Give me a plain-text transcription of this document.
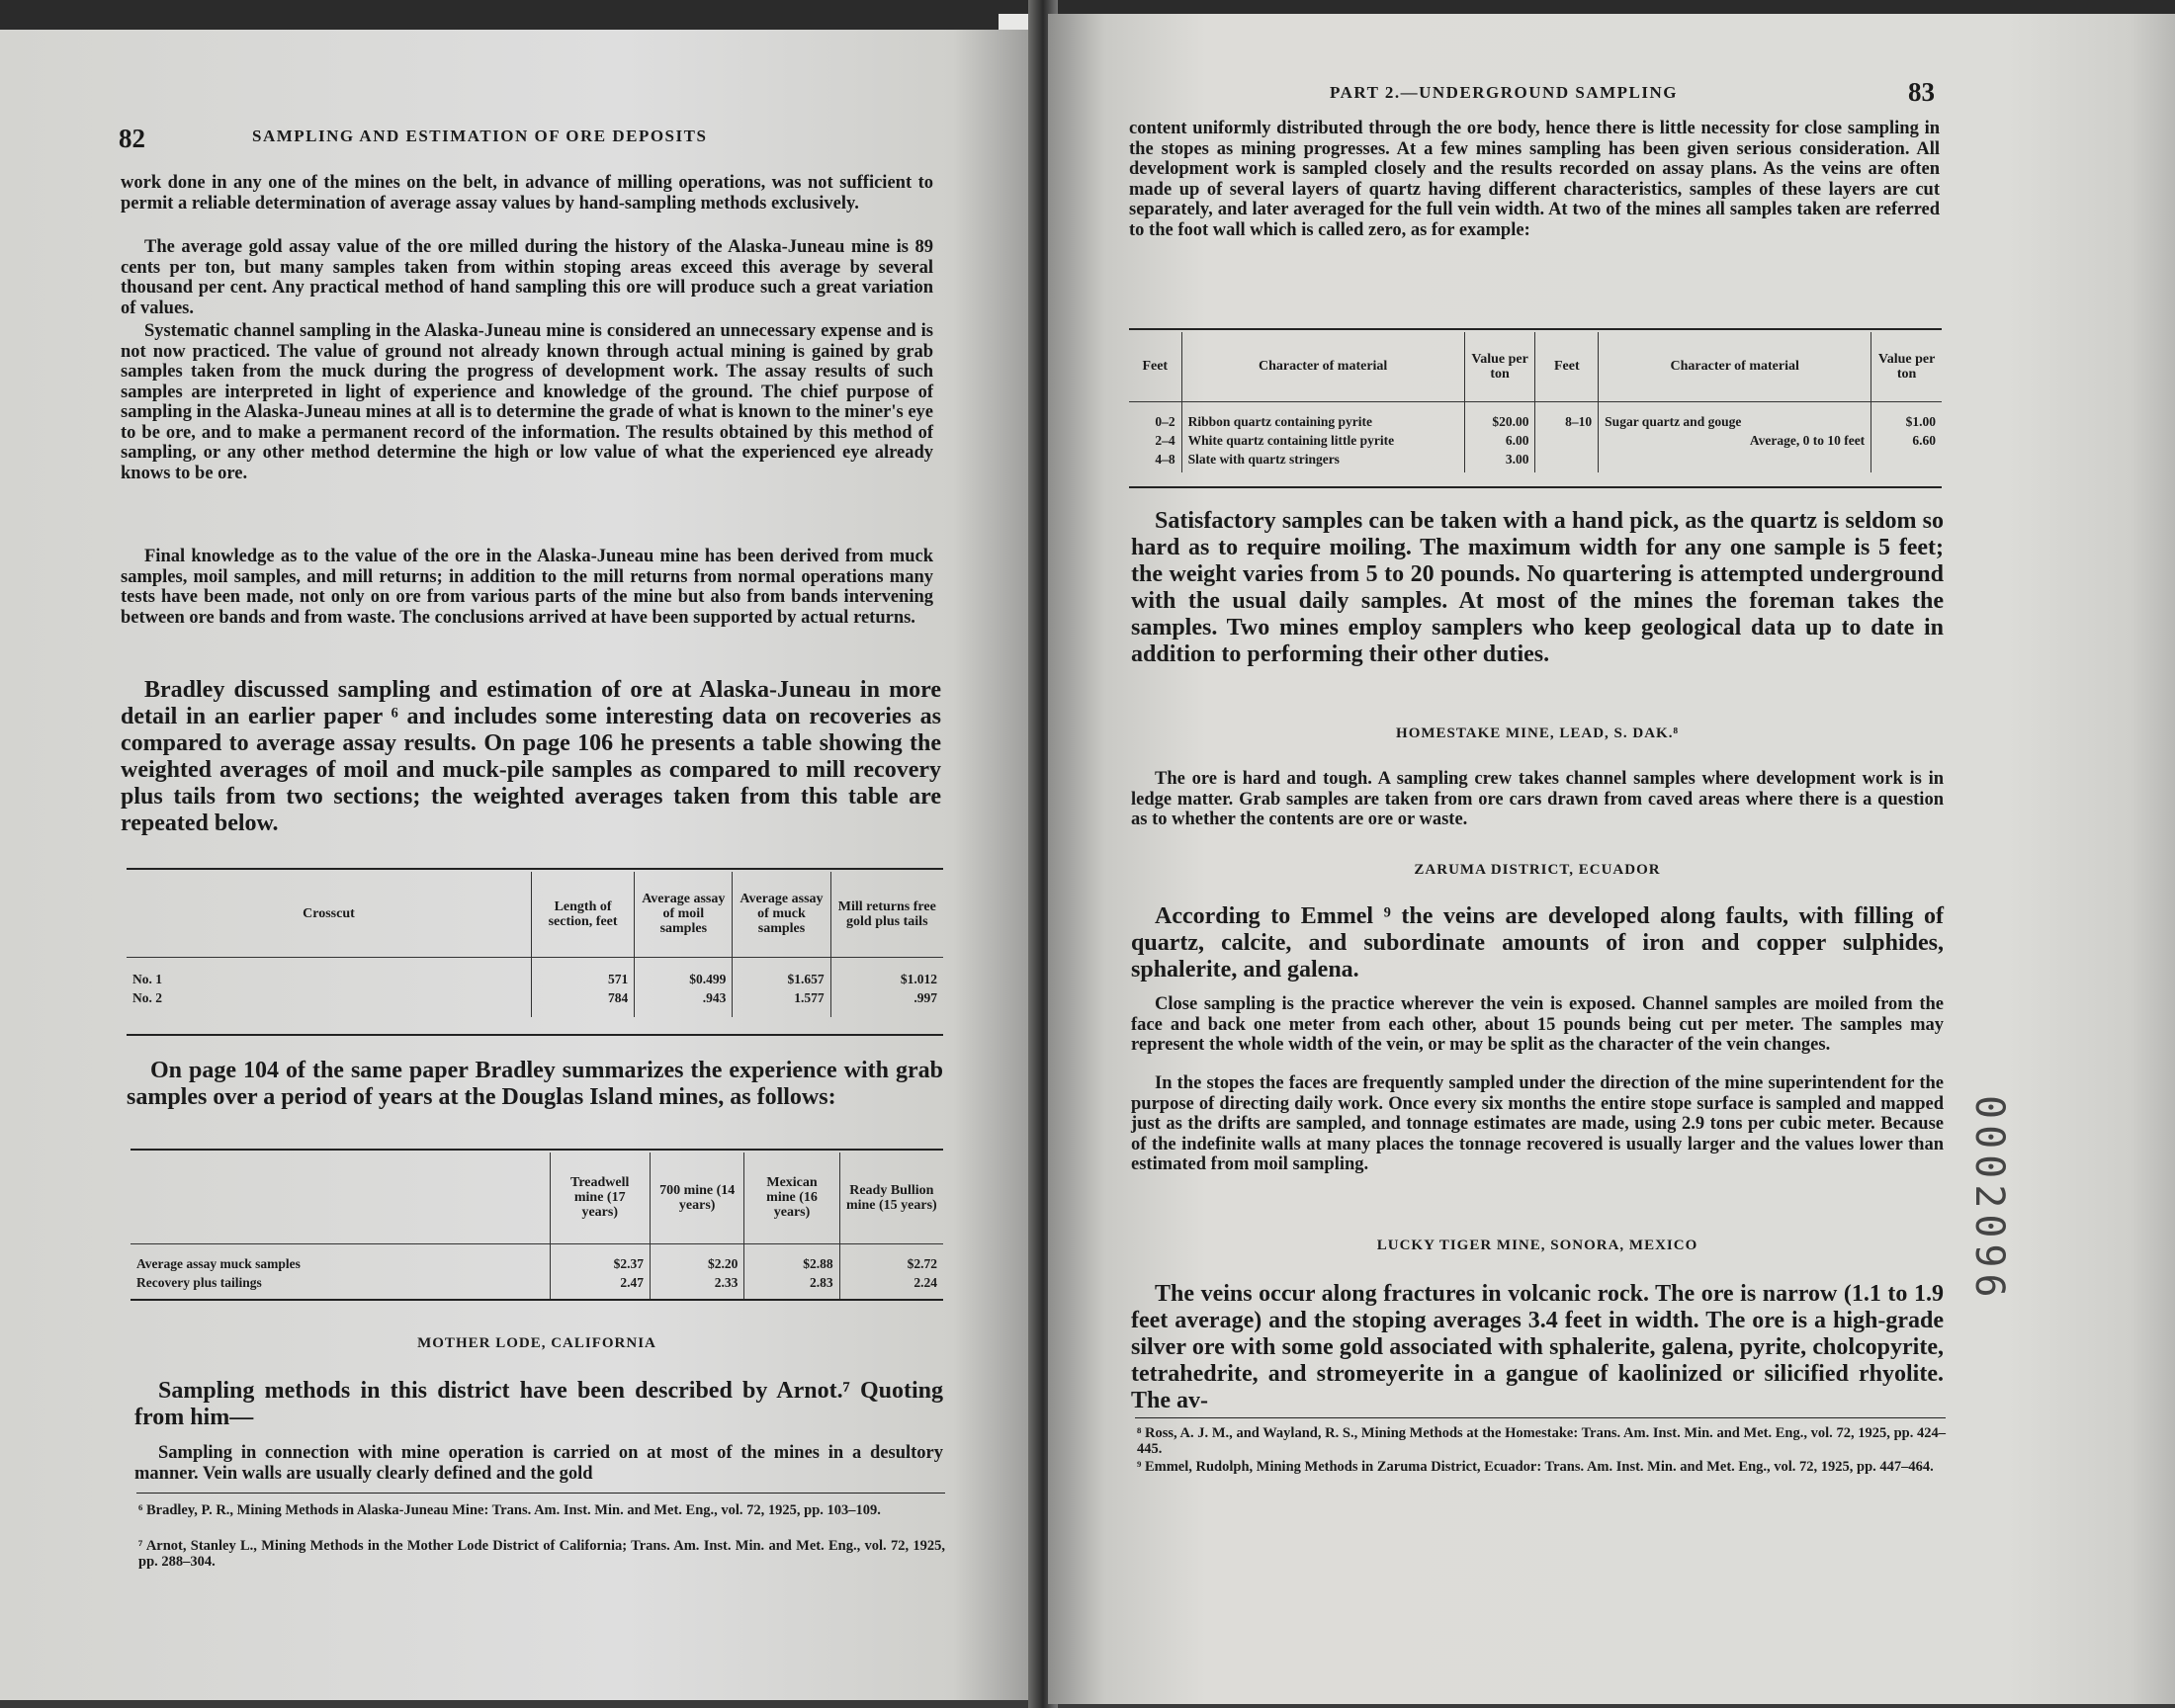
82	SAMPLING AND ESTIMATION OF ORE DEPOSITS
work done in any one of the mines on the belt, in advance of milling operations, was not sufficient to permit a reliable determination of average assay values by hand-sampling methods exclusively.
The average gold assay value of the ore milled during the history of the Alaska-Juneau mine is 89 cents per ton, but many samples taken from within stoping areas exceed this average by several thousand per cent. Any practical method of hand sampling this ore will produce such a great variation of values.
Systematic channel sampling in the Alaska-Juneau mine is considered an unnecessary expense and is not now practiced. The value of ground not already known through actual mining is gained by grab samples taken from the muck during the progress of development work. The assay results of such samples are interpreted in light of experience and knowledge of the ground. The chief purpose of sampling in the Alaska-Juneau mines at all is to determine the grade of what is known to the miner's eye to be ore, and to make a permanent record of the information. The results obtained by this method of sampling, or any other method determine the high or low value of what the experienced eye already knows to be ore.
Final knowledge as to the value of the ore in the Alaska-Juneau mine has been derived from muck samples, moil samples, and mill returns; in addition to the mill returns from normal operations many tests have been made, not only on ore from various parts of the mine but also from bands intervening between ore bands and from waste. The conclusions arrived at have been supported by actual returns.
Bradley discussed sampling and estimation of ore at Alaska-Juneau in more detail in an earlier paper ⁶ and includes some interesting data on recoveries as compared to average assay results. On page 106 he presents a table showing the weighted averages of moil and muck-pile samples as compared to mill recovery plus tails from two sections; the weighted averages taken from this table are repeated below.
Crosscut	Length of section, feet	Average assay of moil samples	Average assay of muck samples	Mill returns free gold plus tails

No. 1	571	$0.499	$1.657	$1.012

No. 2	784	.943	1.577	.997
On page 104 of the same paper Bradley summarizes the experience with grab samples over a period of years at the Douglas Island mines, as follows:
	Treadwell mine (17 years)	700 mine (14 years)	Mexican mine (16 years)	Ready Bullion mine (15 years)

Average assay muck samples	$2.37	$2.20	$2.88	$2.72

Recovery plus tailings	2.47	2.33	2.83	2.24
MOTHER LODE, CALIFORNIA
Sampling methods in this district have been described by Arnot.⁷ Quoting from him—
Sampling in connection with mine operation is carried on at most of the mines in a desultory manner. Vein walls are usually clearly defined and the gold
⁶ Bradley, P. R., Mining Methods in Alaska-Juneau Mine: Trans. Am. Inst. Min. and Met. Eng., vol. 72, 1925, pp. 103–109.
⁷ Arnot, Stanley L., Mining Methods in the Mother Lode District of California; Trans. Am. Inst. Min. and Met. Eng., vol. 72, 1925, pp. 288–304.
PART 2.—UNDERGROUND SAMPLING	83
content uniformly distributed through the ore body, hence there is little necessity for close sampling in the stopes as mining progresses. At a few mines sampling has been given serious consideration. All development work is sampled closely and the results recorded on assay plans. As the veins are often made up of several layers of quartz having different characteristics, samples of these layers are cut separately, and later averaged for the full vein width. At two of the mines all samples taken are referred to the foot wall which is called zero, as for example:
Feet	Character of material	Value per ton	Feet	Character of material	Value per ton
0–2	Ribbon quartz containing pyrite	$20.00	8–10	Sugar quartz and gouge	$1.00
2–4	White quartz containing little pyrite	6.00		Average, 0 to 10 feet	6.60
4–8	Slate with quartz stringers	3.00			
Satisfactory samples can be taken with a hand pick, as the quartz is seldom so hard as to require moiling. The maximum width for any one sample is 5 feet; the weight varies from 5 to 20 pounds. No quartering is attempted underground with the usual daily samples. At most of the mines the foreman takes the samples. Two mines employ samplers who keep geological data up to date in addition to performing their other duties.
HOMESTAKE MINE, LEAD, S. DAK.⁸
The ore is hard and tough. A sampling crew takes channel samples where development work is in ledge matter. Grab samples are taken from ore cars drawn from caved areas where there is a question as to whether the contents are ore or waste.
ZARUMA DISTRICT, ECUADOR
According to Emmel ⁹ the veins are developed along faults, with filling of quartz, calcite, and subordinate amounts of iron and copper sulphides, sphalerite, and galena.
Close sampling is the practice wherever the vein is exposed. Channel samples are moiled from the face and back one meter from each other, about 15 pounds being cut per meter. The samples may represent the whole width of the vein, or may be split as the character of the vein changes.
In the stopes the faces are frequently sampled under the direction of the mine superintendent for the purpose of directing daily work. Once every six months the entire stope surface is sampled and mapped just as the drifts are sampled, and tonnage estimates are made, using 2.9 tons per cubic meter. Because of the indefinite walls at many places the tonnage recovered is usually larger and the values lower than estimated from moil sampling.
LUCKY TIGER MINE, SONORA, MEXICO
The veins occur along fractures in volcanic rock. The ore is narrow (1.1 to 1.9 feet average) and the stoping averages 3.4 feet in width. The ore is a high-grade silver ore with some gold associated with sphalerite, galena, pyrite, cholcopyrite, tetrahedrite, and stromeyerite in a gangue of kaolinized or silicified rhyolite. The av-
⁸ Ross, A. J. M., and Wayland, R. S., Mining Methods at the Homestake: Trans. Am. Inst. Min. and Met. Eng., vol. 72, 1925, pp. 424–445.
⁹ Emmel, Rudolph, Mining Methods in Zaruma District, Ecuador: Trans. Am. Inst. Min. and Met. Eng., vol. 72, 1925, pp. 447–464.
0002096
